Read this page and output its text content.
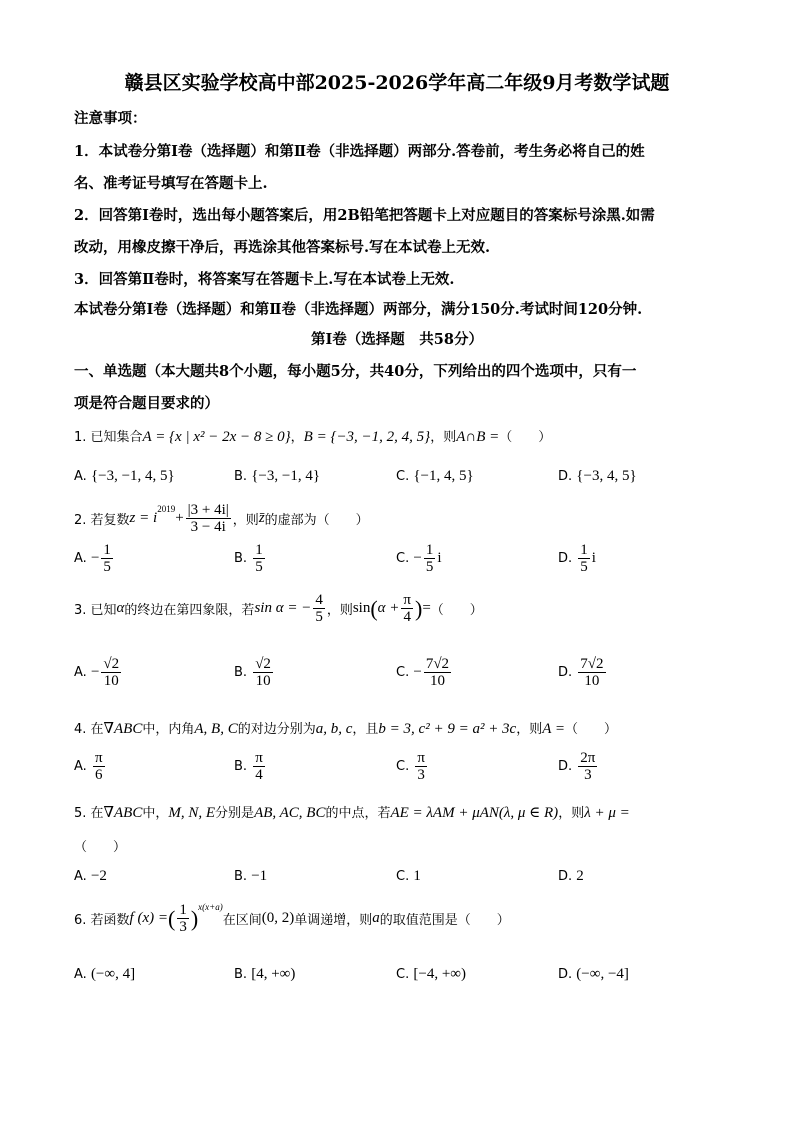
赣县区实验学校高中部2025-2026学年高二年级9月考数学试题
注意事项：
1．本试卷分第Ⅰ卷（选择题）和第Ⅱ卷（非选择题）两部分.答卷前，考生务必将自己的姓
名、准考证号填写在答题卡上.
2．回答第Ⅰ卷时，选出每小题答案后，用2B铅笔把答题卡上对应题目的答案标号涂黑.如需
改动，用橡皮擦干净后，再选涂其他答案标号.写在本试卷上无效.
3．回答第Ⅱ卷时，将答案写在答题卡上.写在本试卷上无效.
本试卷分第Ⅰ卷（选择题）和第Ⅱ卷（非选择题）两部分，满分150分.考试时间120分钟.
第Ⅰ卷（选择题　共58分）
一、单选题（本大题共8个小题，每小题5分，共40分，下列给出的四个选项中，只有一
项是符合题目要求的）
1. 已知集合A = {x | x² − 2x − 8 ≥ 0}，B = {−3, −1, 2, 4, 5}，则A∩B =（　　）
A. {−3, −1, 4, 5}	B. {−3, −1, 4}	C. {−1, 4, 5}	D. {−3, 4, 5}
2. 若复数 z = i
$^{2019}$
+ $\frac{|3 + 4i|}{3 - 4i}$ ，则 z̄ 的虚部为（　　）
A.
− $\frac{1}{5}$	B.
$\frac{1}{5}$	C.
− $\frac{1}{5}$ i	D.
$\frac{1}{5}$ i
3. 已知 α 的终边在第四象限，若 sin α = − $\frac{4}{5}$ ，则 sin ( $\alpha + \frac{\pi}{4}$ ) = （　　）
A.
− $\frac{√2}{10}$	B.
$\frac{√2}{10}$	C.
− $\frac{7√2}{10}$	D.
$\frac{7√2}{10}$
4. 在∇ABC中，内角A, B, C的对边分别为a, b, c，且b = 3, c² + 9 = a² + 3c，则A =（　　）
A.
$\frac{\pi}{6}$	B.
$\frac{\pi}{4}$	C.
$\frac{\pi}{3}$	D.
$\frac{2\pi}{3}$
5. 在∇ABC中，M, N, E分别是AB, AC, BC的中点，若AE = λAM + μAN(λ, μ ∈ R)，则λ + μ =
（　　）
A. −2	B. −1	C. 1	D. 2
6. 若函数 f (x) = ( $\frac{1}{3} )^{x(x+a)}$
在区间 (0, 2) 单调递增，则 a 的取值范围是（　　）
A. (−∞, 4]	B. [4, +∞)	C. [−4, +∞)	D. (−∞, −4]
